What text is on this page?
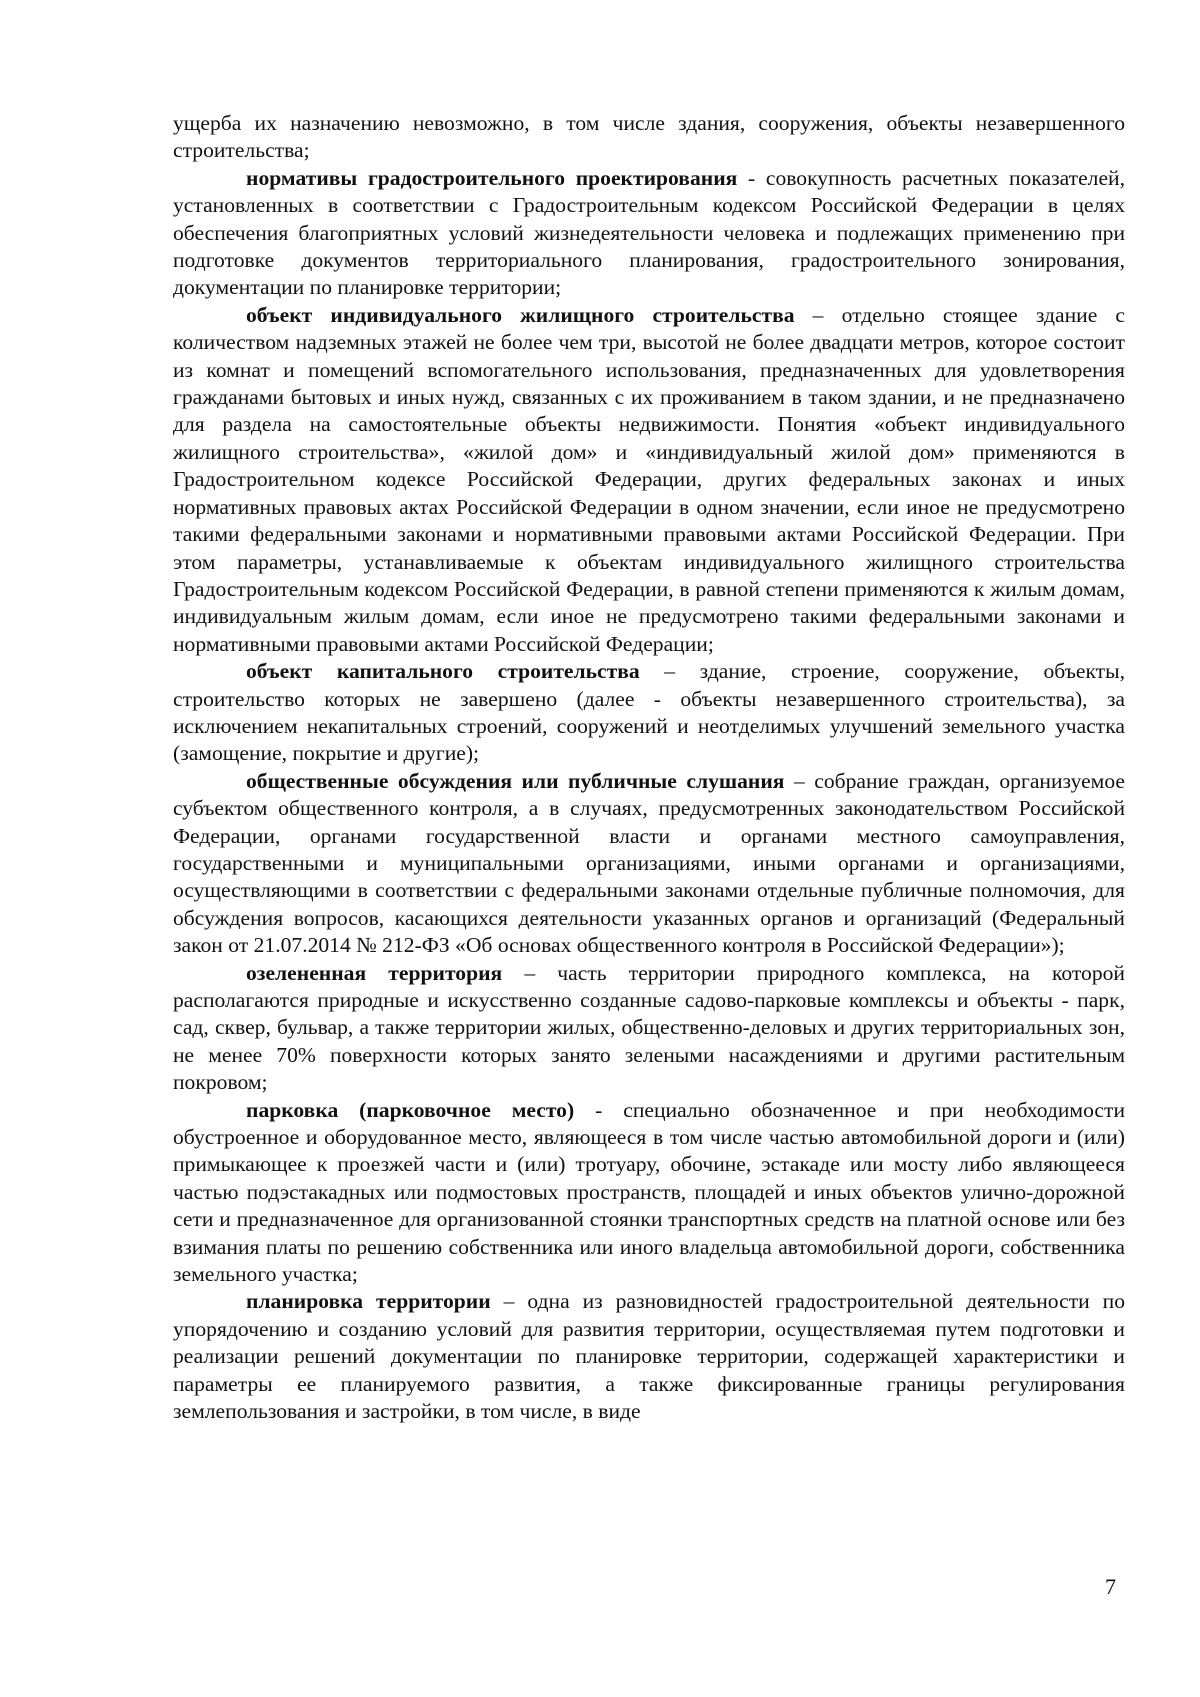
ущерба их назначению невозможно, в том числе здания, сооружения, объекты незавершенного строительства;

нормативы градостроительного проектирования - совокупность расчетных показателей, установленных в соответствии с Градостроительным кодексом Российской Федерации в целях обеспечения благоприятных условий жизнедеятельности человека и подлежащих применению при подготовке документов территориального планирования, градостроительного зонирования, документации по планировке территории;

объект индивидуального жилищного строительства – отдельно стоящее здание с количеством надземных этажей не более чем три, высотой не более двадцати метров, которое состоит из комнат и помещений вспомогательного использования, предназначенных для удовлетворения гражданами бытовых и иных нужд, связанных с их проживанием в таком здании, и не предназначено для раздела на самостоятельные объекты недвижимости. Понятия «объект индивидуального жилищного строительства», «жилой дом» и «индивидуальный жилой дом» применяются в Градостроительном кодексе Российской Федерации, других федеральных законах и иных нормативных правовых актах Российской Федерации в одном значении, если иное не предусмотрено такими федеральными законами и нормативными правовыми актами Российской Федерации. При этом параметры, устанавливаемые к объектам индивидуального жилищного строительства Градостроительным кодексом Российской Федерации, в равной степени применяются к жилым домам, индивидуальным жилым домам, если иное не предусмотрено такими федеральными законами и нормативными правовыми актами Российской Федерации;

объект капитального строительства – здание, строение, сооружение, объекты, строительство которых не завершено (далее - объекты незавершенного строительства), за исключением некапитальных строений, сооружений и неотделимых улучшений земельного участка (замощение, покрытие и другие);

общественные обсуждения или публичные слушания – собрание граждан, организуемое субъектом общественного контроля, а в случаях, предусмотренных законодательством Российской Федерации, органами государственной власти и органами местного самоуправления, государственными и муниципальными организациями, иными органами и организациями, осуществляющими в соответствии с федеральными законами отдельные публичные полномочия, для обсуждения вопросов, касающихся деятельности указанных органов и организаций (Федеральный закон от 21.07.2014 № 212-ФЗ «Об основах общественного контроля в Российской Федерации»);

озелененная территория – часть территории природного комплекса, на которой располагаются природные и искусственно созданные садово-парковые комплексы и объекты - парк, сад, сквер, бульвар, а также территории жилых, общественно-деловых и других территориальных зон, не менее 70% поверхности которых занято зелеными насаждениями и другими растительным покровом;

парковка (парковочное место) - специально обозначенное и при необходимости обустроенное и оборудованное место, являющееся в том числе частью автомобильной дороги и (или) примыкающее к проезжей части и (или) тротуару, обочине, эстакаде или мосту либо являющееся частью подэстакадных или подмостовых пространств, площадей и иных объектов улично-дорожной сети и предназначенное для организованной стоянки транспортных средств на платной основе или без взимания платы по решению собственника или иного владельца автомобильной дороги, собственника земельного участка;

планировка территории – одна из разновидностей градостроительной деятельности по упорядочению и созданию условий для развития территории, осуществляемая путем подготовки и реализации решений документации по планировке территории, содержащей характеристики и параметры ее планируемого развития, а также фиксированные границы регулирования землепользования и застройки, в том числе, в виде

7
